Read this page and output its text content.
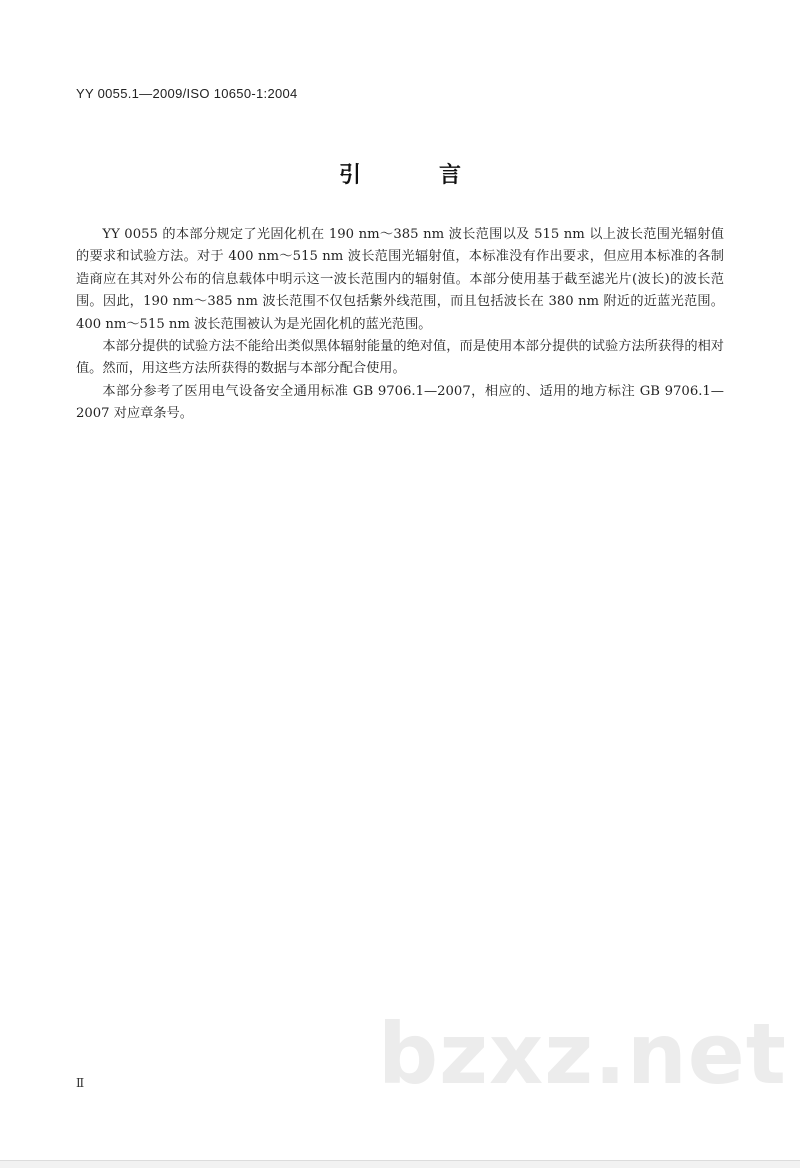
YY 0055.1—2009/ISO 10650-1:2004
引　言

YY 0055 的本部分规定了光固化机在 190 nm～385 nm 波长范围以及 515 nm 以上波长范围光辐射值的要求和试验方法。对于 400 nm～515 nm 波长范围光辐射值，本标准没有作出要求，但应用本标准的各制造商应在其对外公布的信息载体中明示这一波长范围内的辐射值。本部分使用基于截至滤光片(波长)的波长范围。因此，190 nm～385 nm 波长范围不仅包括紫外线范围，而且包括波长在 380 nm 附近的近蓝光范围。400 nm～515 nm 波长范围被认为是光固化机的蓝光范围。

本部分提供的试验方法不能给出类似黑体辐射能量的绝对值，而是使用本部分提供的试验方法所获得的相对值。然而，用这些方法所获得的数据与本部分配合使用。

本部分参考了医用电气设备安全通用标准 GB 9706.1—2007，相应的、适用的地方标注 GB 9706.1—2007 对应章条号。

bzxz.net
Ⅱ
